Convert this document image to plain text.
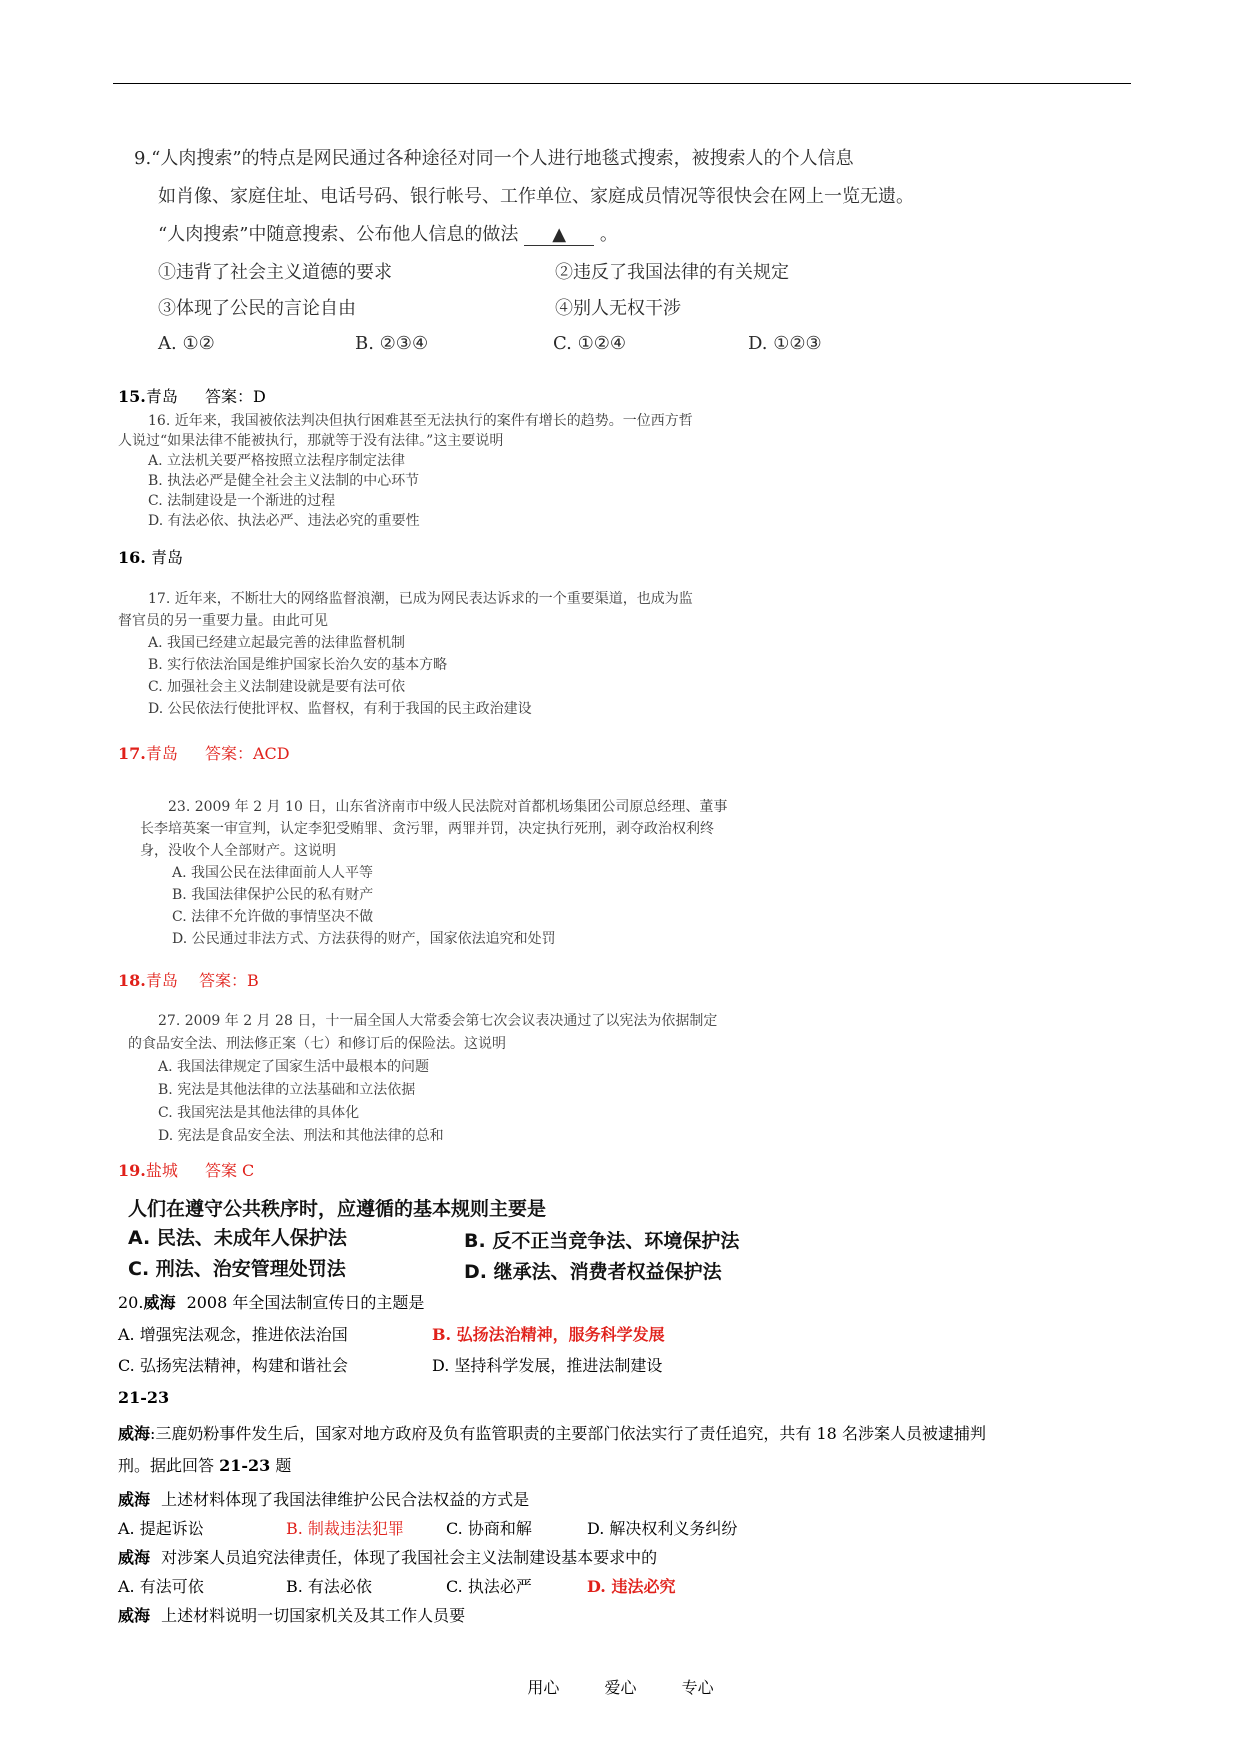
9.“人肉搜索”的特点是网民通过各种途径对同一个人进行地毯式搜索，被搜索人的个人信息
如肖像、家庭住址、电话号码、银行帐号、工作单位、家庭成员情况等很快会在网上一览无遗。
“人肉搜索”中随意搜索、公布他人信息的做法 ▲ 。
①违背了社会主义道德的要求	②违反了我国法律的有关规定
③体现了公民的言论自由	④别人无权干涉
A. ①②	B. ②③④	C. ①②④	D. ①②③
15.青岛 答案：D
16. 近年来，我国被依法判决但执行困难甚至无法执行的案件有增长的趋势。一位西方哲
人说过“如果法律不能被执行，那就等于没有法律。”这主要说明
A. 立法机关要严格按照立法程序制定法律
B. 执法必严是健全社会主义法制的中心环节
C. 法制建设是一个渐进的过程
D. 有法必依、执法必严、违法必究的重要性
16. 青岛
17. 近年来，不断壮大的网络监督浪潮，已成为网民表达诉求的一个重要渠道，也成为监
督官员的另一重要力量。由此可见
A. 我国已经建立起最完善的法律监督机制
B. 实行依法治国是维护国家长治久安的基本方略
C. 加强社会主义法制建设就是要有法可依
D. 公民依法行使批评权、监督权，有利于我国的民主政治建设
17.青岛 答案：ACD
23. 2009 年 2 月 10 日，山东省济南市中级人民法院对首都机场集团公司原总经理、董事
长李培英案一审宣判，认定李犯受贿罪、贪污罪，两罪并罚，决定执行死刑，剥夺政治权利终
身，没收个人全部财产。这说明
A. 我国公民在法律面前人人平等
B. 我国法律保护公民的私有财产
C. 法律不允许做的事情坚决不做
D. 公民通过非法方式、方法获得的财产，国家依法追究和处罚
18.青岛 答案：B
27. 2009 年 2 月 28 日，十一届全国人大常委会第七次会议表决通过了以宪法为依据制定
的食品安全法、刑法修正案（七）和修订后的保险法。这说明
A. 我国法律规定了国家生活中最根本的问题
B. 宪法是其他法律的立法基础和立法依据
C. 我国宪法是其他法律的具体化
D. 宪法是食品安全法、刑法和其他法律的总和
19.盐城 答案 C
人们在遵守公共秩序时，应遵循的基本规则主要是
A. 民法、未成年人保护法	B. 反不正当竞争法、环境保护法
C. 刑法、治安管理处罚法	D. 继承法、消费者权益保护法
20.威海 2008 年全国法制宣传日的主题是
A. 增强宪法观念，推进依法治国	B. 弘扬法治精神，服务科学发展
C. 弘扬宪法精神，构建和谐社会	D. 坚持科学发展，推进法制建设
21-23
威海:三鹿奶粉事件发生后，国家对地方政府及负有监管职责的主要部门依法实行了责任追究，共有 18 名涉案人员被逮捕判
刑。据此回答 21-23 题
威海 上述材料体现了我国法律维护公民合法权益的方式是
A. 提起诉讼	B. 制裁违法犯罪	C. 协商和解	D. 解决权利义务纠纷
威海 对涉案人员追究法律责任，体现了我国社会主义法制建设基本要求中的
A. 有法可依	B. 有法必依	C. 执法必严	D. 违法必究
威海 上述材料说明一切国家机关及其工作人员要
用心	爱心	专心
